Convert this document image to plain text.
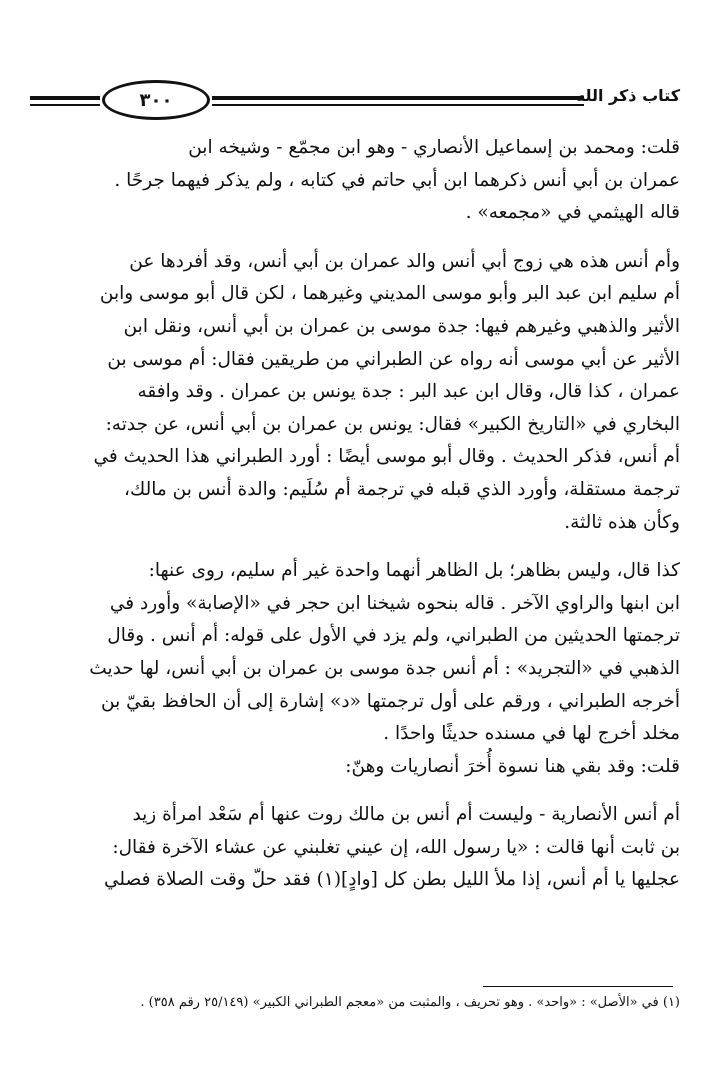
كتاب ذكر الله
٣٠٠
قلت: ومحمد بن إسماعيل الأنصاري - وهو ابن مجمّع - وشيخه ابن
عمران بن أبي أنس ذكرهما ابن أبي حاتم في كتابه ، ولم يذكر فيهما جرحًا .
قاله الهيثمي في «مجمعه» .
وأم أنس هذه هي زوج أبي أنس والد عمران بن أبي أنس، وقد أفردها عن
أم سليم ابن عبد البر وأبو موسى المديني وغيرهما ، لكن قال أبو موسى وابن
الأثير والذهبي وغيرهم فيها: جدة موسى بن عمران بن أبي أنس، ونقل ابن
الأثير عن أبي موسى أنه رواه عن الطبراني من طريقين فقال: أم موسى بن
عمران ، كذا قال، وقال ابن عبد البر : جدة يونس بن عمران . وقد وافقه
البخاري في «التاريخ الكبير» فقال: يونس بن عمران بن أبي أنس، عن جدته:
أم أنس، فذكر الحديث . وقال أبو موسى أيضًا : أورد الطبراني هذا الحديث في
ترجمة مستقلة، وأورد الذي قبله في ترجمة أم سُلَيم: والدة أنس بن مالك،
وكأن هذه ثالثة.
كذا قال، وليس بظاهر؛ بل الظاهر أنهما واحدة غير أم سليم، روى عنها:
ابن ابنها والراوي الآخر . قاله بنحوه شيخنا ابن حجر في «الإصابة» وأورد في
ترجمتها الحديثين من الطبراني، ولم يزد في الأول على قوله: أم أنس . وقال
الذهبي في «التجريد» : أم أنس جدة موسى بن عمران بن أبي أنس، لها حديث
أخرجه الطبراني ، ورقم على أول ترجمتها «د» إشارة إلى أن الحافظ بقيّ بن
مخلد أخرج لها في مسنده حديثًا واحدًا .
قلت: وقد بقي هنا نسوة أُخرَ أنصاريات وهنّ:
أم أنس الأنصارية - وليست أم أنس بن مالك روت عنها أم سَعْد امرأة زيد
بن ثابت أنها قالت : «يا رسول الله، إن عيني تغلبني عن عشاء الآخرة فقال:
عجليها يا أم أنس، إذا ملأ الليل بطن كل [وادٍ](١) فقد حلّ وقت الصلاة فصلي
(١) في «الأصل» : «واحد» . وهو تحريف ، والمثبت من «معجم الطبراني الكبير» (٢٥/١٤٩ رقم ٣٥٨) .
